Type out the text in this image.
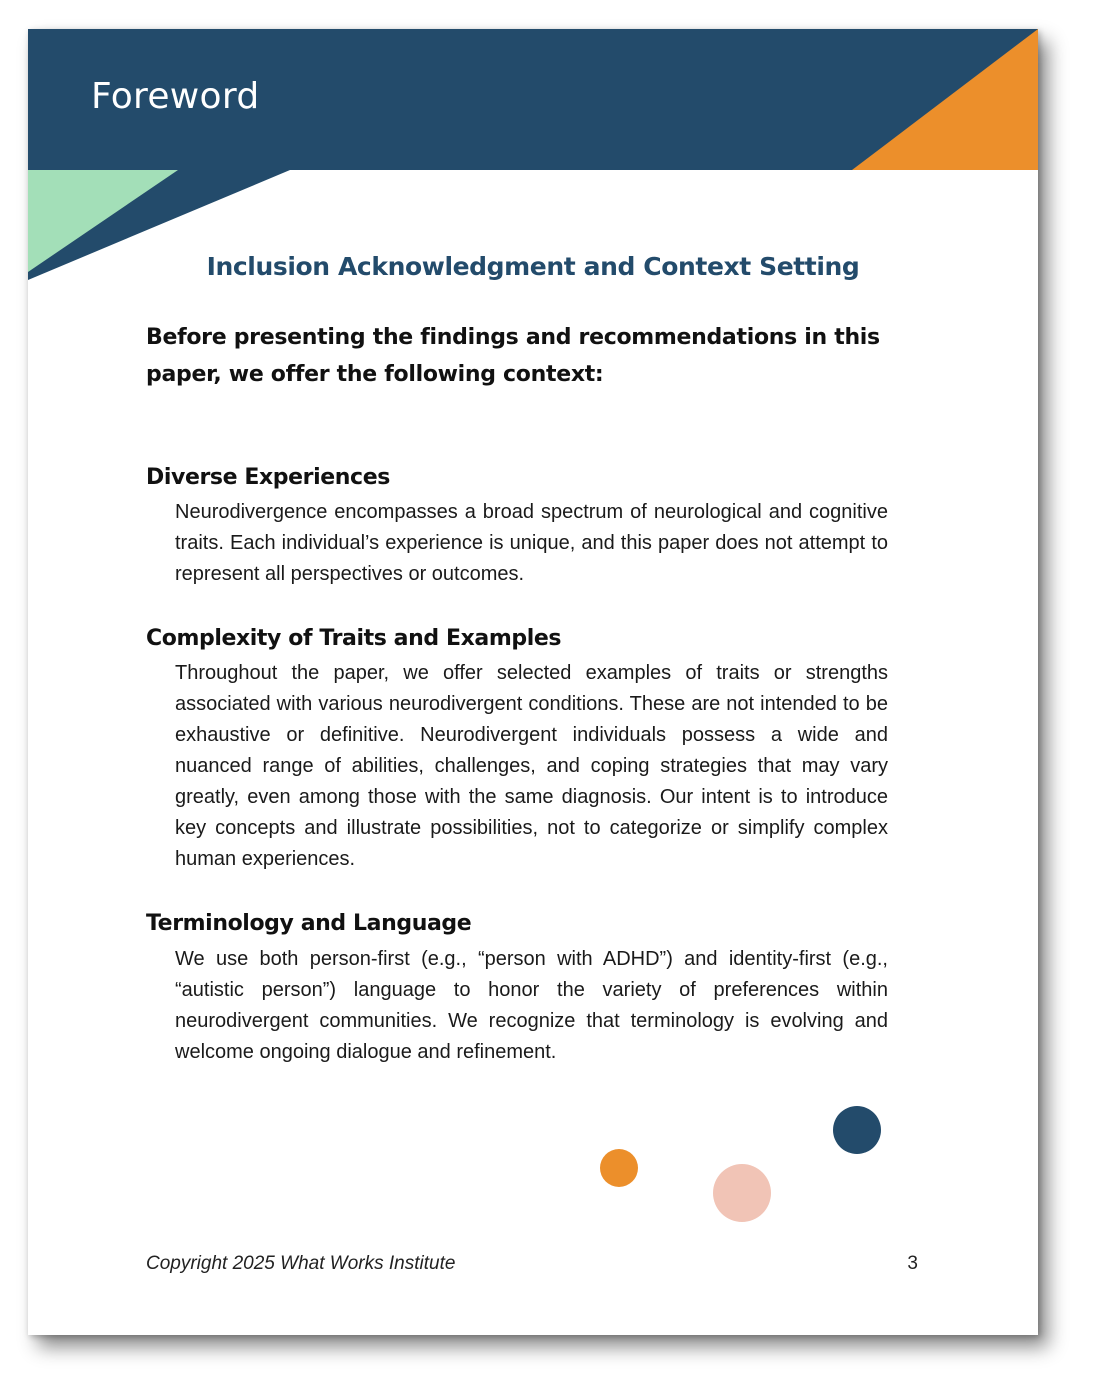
Foreword
Inclusion Acknowledgment and Context Setting

Before presenting the findings and recommendations in this paper, we offer the following context:

Diverse Experiences

Neurodivergence encompasses a broad spectrum of neurological and cognitive traits. Each individual’s experience is unique, and this paper does not attempt to represent all perspectives or outcomes.

Complexity of Traits and Examples

Throughout the paper, we offer selected examples of traits or strengths associated with various neurodivergent conditions. These are not intended to be exhaustive or definitive. Neurodivergent individuals possess a wide and nuanced range of abilities, challenges, and coping strategies that may vary greatly, even among those with the same diagnosis. Our intent is to introduce key concepts and illustrate possibilities, not to categorize or simplify complex human experiences.

Terminology and Language

We use both person-first (e.g., “person with ADHD”) and identity-first (e.g., “autistic person”) language to honor the variety of preferences within neurodivergent communities. We recognize that terminology is evolving and welcome ongoing dialogue and refinement.

Copyright 2025 What Works Institute	3
